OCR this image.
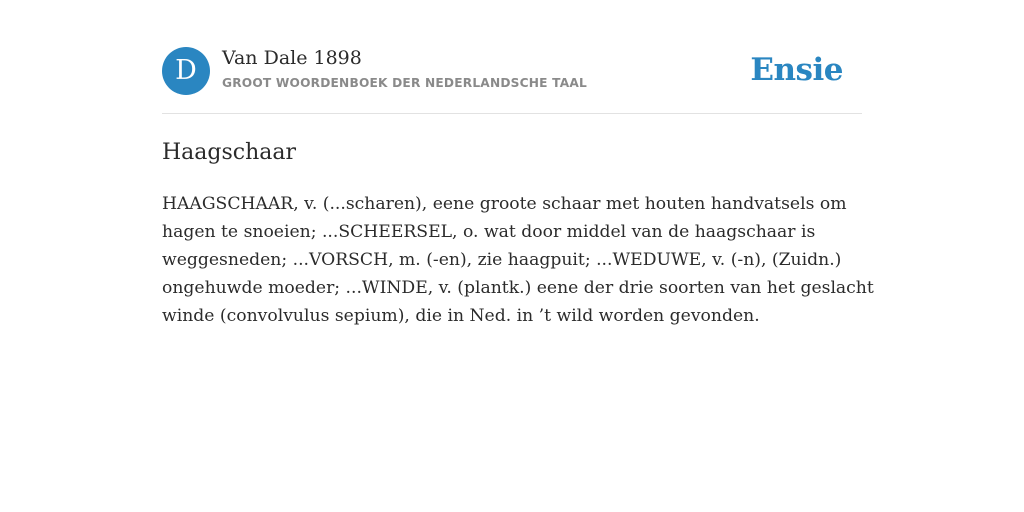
D	Van Dale 1898
GROOT WOORDENBOEK DER NEDERLANDSCHE TAAL	Ensie
Haagschaar
HAAGSCHAAR, v. (...scharen), eene groote schaar met houten handvatsels om
hagen te snoeien; ...SCHEERSEL, o. wat door middel van de haagschaar is
weggesneden; ...VORSCH, m. (-en), zie haagpuit; ...WEDUWE, v. (-n), (Zuidn.)
ongehuwde moeder; ...WINDE, v. (plantk.) eene der drie soorten van het geslacht
winde (convolvulus sepium), die in Ned. in ’t wild worden gevonden.
